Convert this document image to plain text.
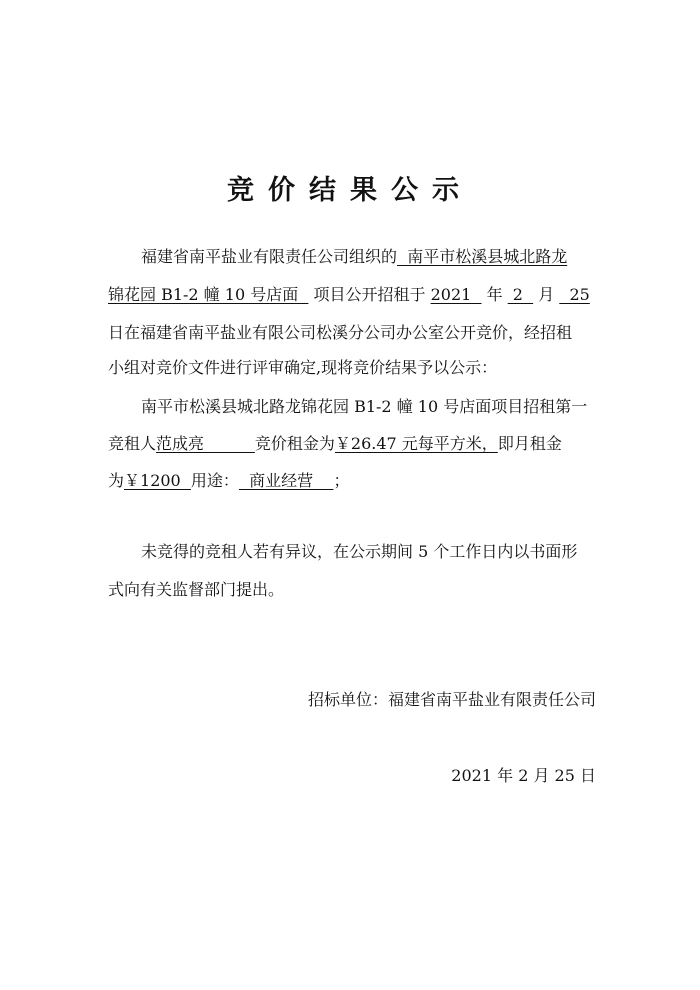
竞价结果公示
福建省南平盐业有限责任公司组织的  南平市松溪县城北路龙
锦花园 B1-2 幢 10 号店面   项目公开招租于 2021   年  2   月   25
日在福建省南平盐业有限公司松溪分公司办公室公开竞价，经招租
小组对竞价文件进行评审确定,现将竞价结果予以公示：
南平市松溪县城北路龙锦花园 B1-2 幢 10 号店面项目招租第一
竞租人范成亮          竞价租金为￥26.47 元每平方米，即月租金
为￥1200  用途：  商业经营    ；
未竞得的竞租人若有异议，在公示期间 5 个工作日内以书面形
式向有关监督部门提出。
招标单位：福建省南平盐业有限责任公司
2021 年 2 月 25 日
